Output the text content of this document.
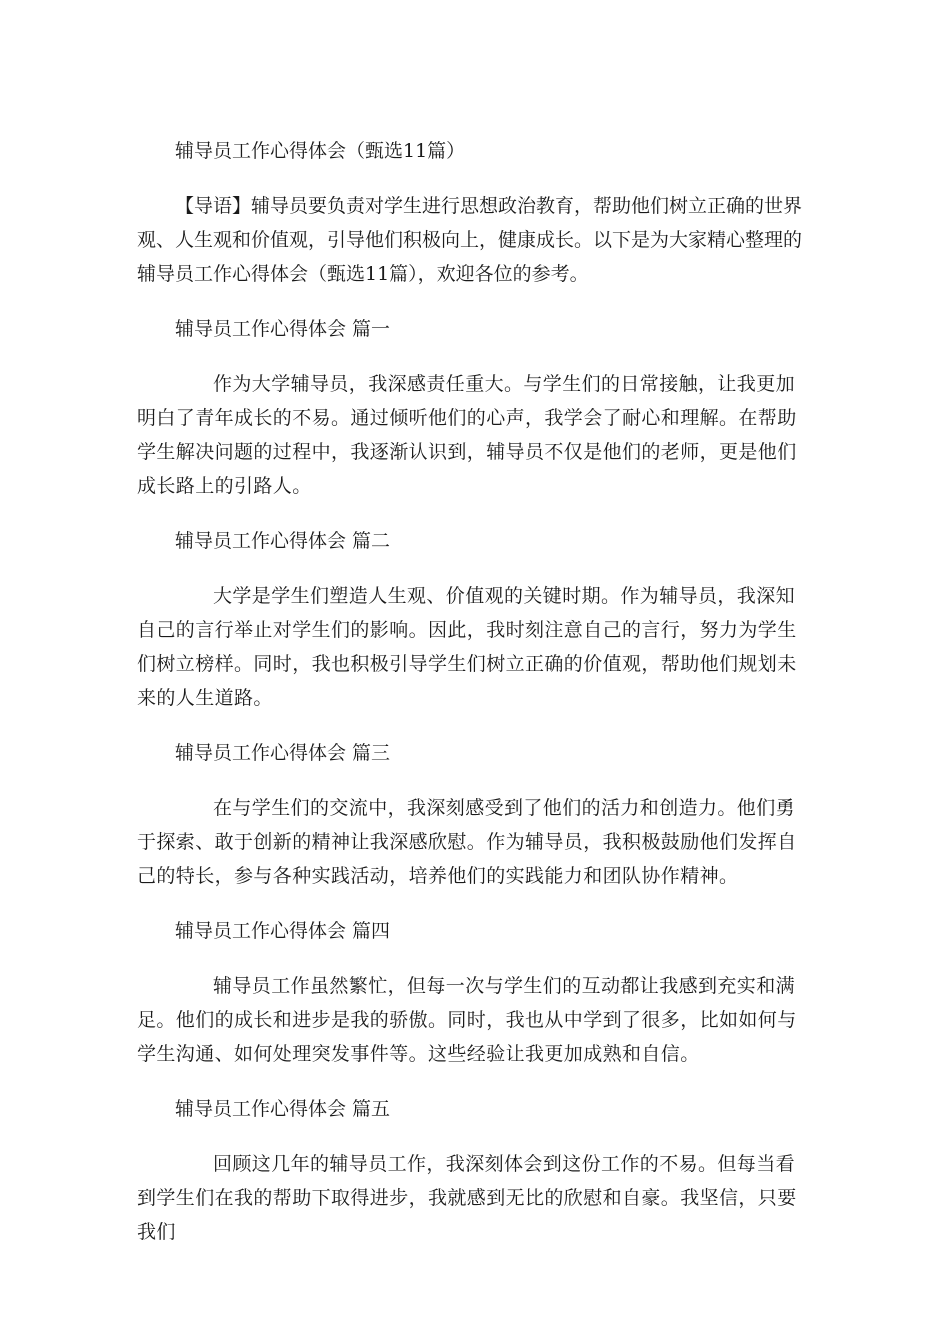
辅导员工作心得体会（甄选11篇）

【导语】辅导员要负责对学生进行思想政治教育，帮助他们树立正确的世界观、人生观和价值观，引导他们积极向上，健康成长。以下是为大家精心整理的辅导员工作心得体会（甄选11篇），欢迎各位的参考。

辅导员工作心得体会 篇一

作为大学辅导员，我深感责任重大。与学生们的日常接触，让我更加明白了青年成长的不易。通过倾听他们的心声，我学会了耐心和理解。在帮助学生解决问题的过程中，我逐渐认识到，辅导员不仅是他们的老师，更是他们成长路上的引路人。

辅导员工作心得体会 篇二

大学是学生们塑造人生观、价值观的关键时期。作为辅导员，我深知自己的言行举止对学生们的影响。因此，我时刻注意自己的言行，努力为学生们树立榜样。同时，我也积极引导学生们树立正确的价值观，帮助他们规划未来的人生道路。

辅导员工作心得体会 篇三

在与学生们的交流中，我深刻感受到了他们的活力和创造力。他们勇于探索、敢于创新的精神让我深感欣慰。作为辅导员，我积极鼓励他们发挥自己的特长，参与各种实践活动，培养他们的实践能力和团队协作精神。

辅导员工作心得体会 篇四

辅导员工作虽然繁忙，但每一次与学生们的互动都让我感到充实和满足。他们的成长和进步是我的骄傲。同时，我也从中学到了很多，比如如何与学生沟通、如何处理突发事件等。这些经验让我更加成熟和自信。

辅导员工作心得体会 篇五

回顾这几年的辅导员工作，我深刻体会到这份工作的不易。但每当看到学生们在我的帮助下取得进步，我就感到无比的欣慰和自豪。我坚信，只要我们
